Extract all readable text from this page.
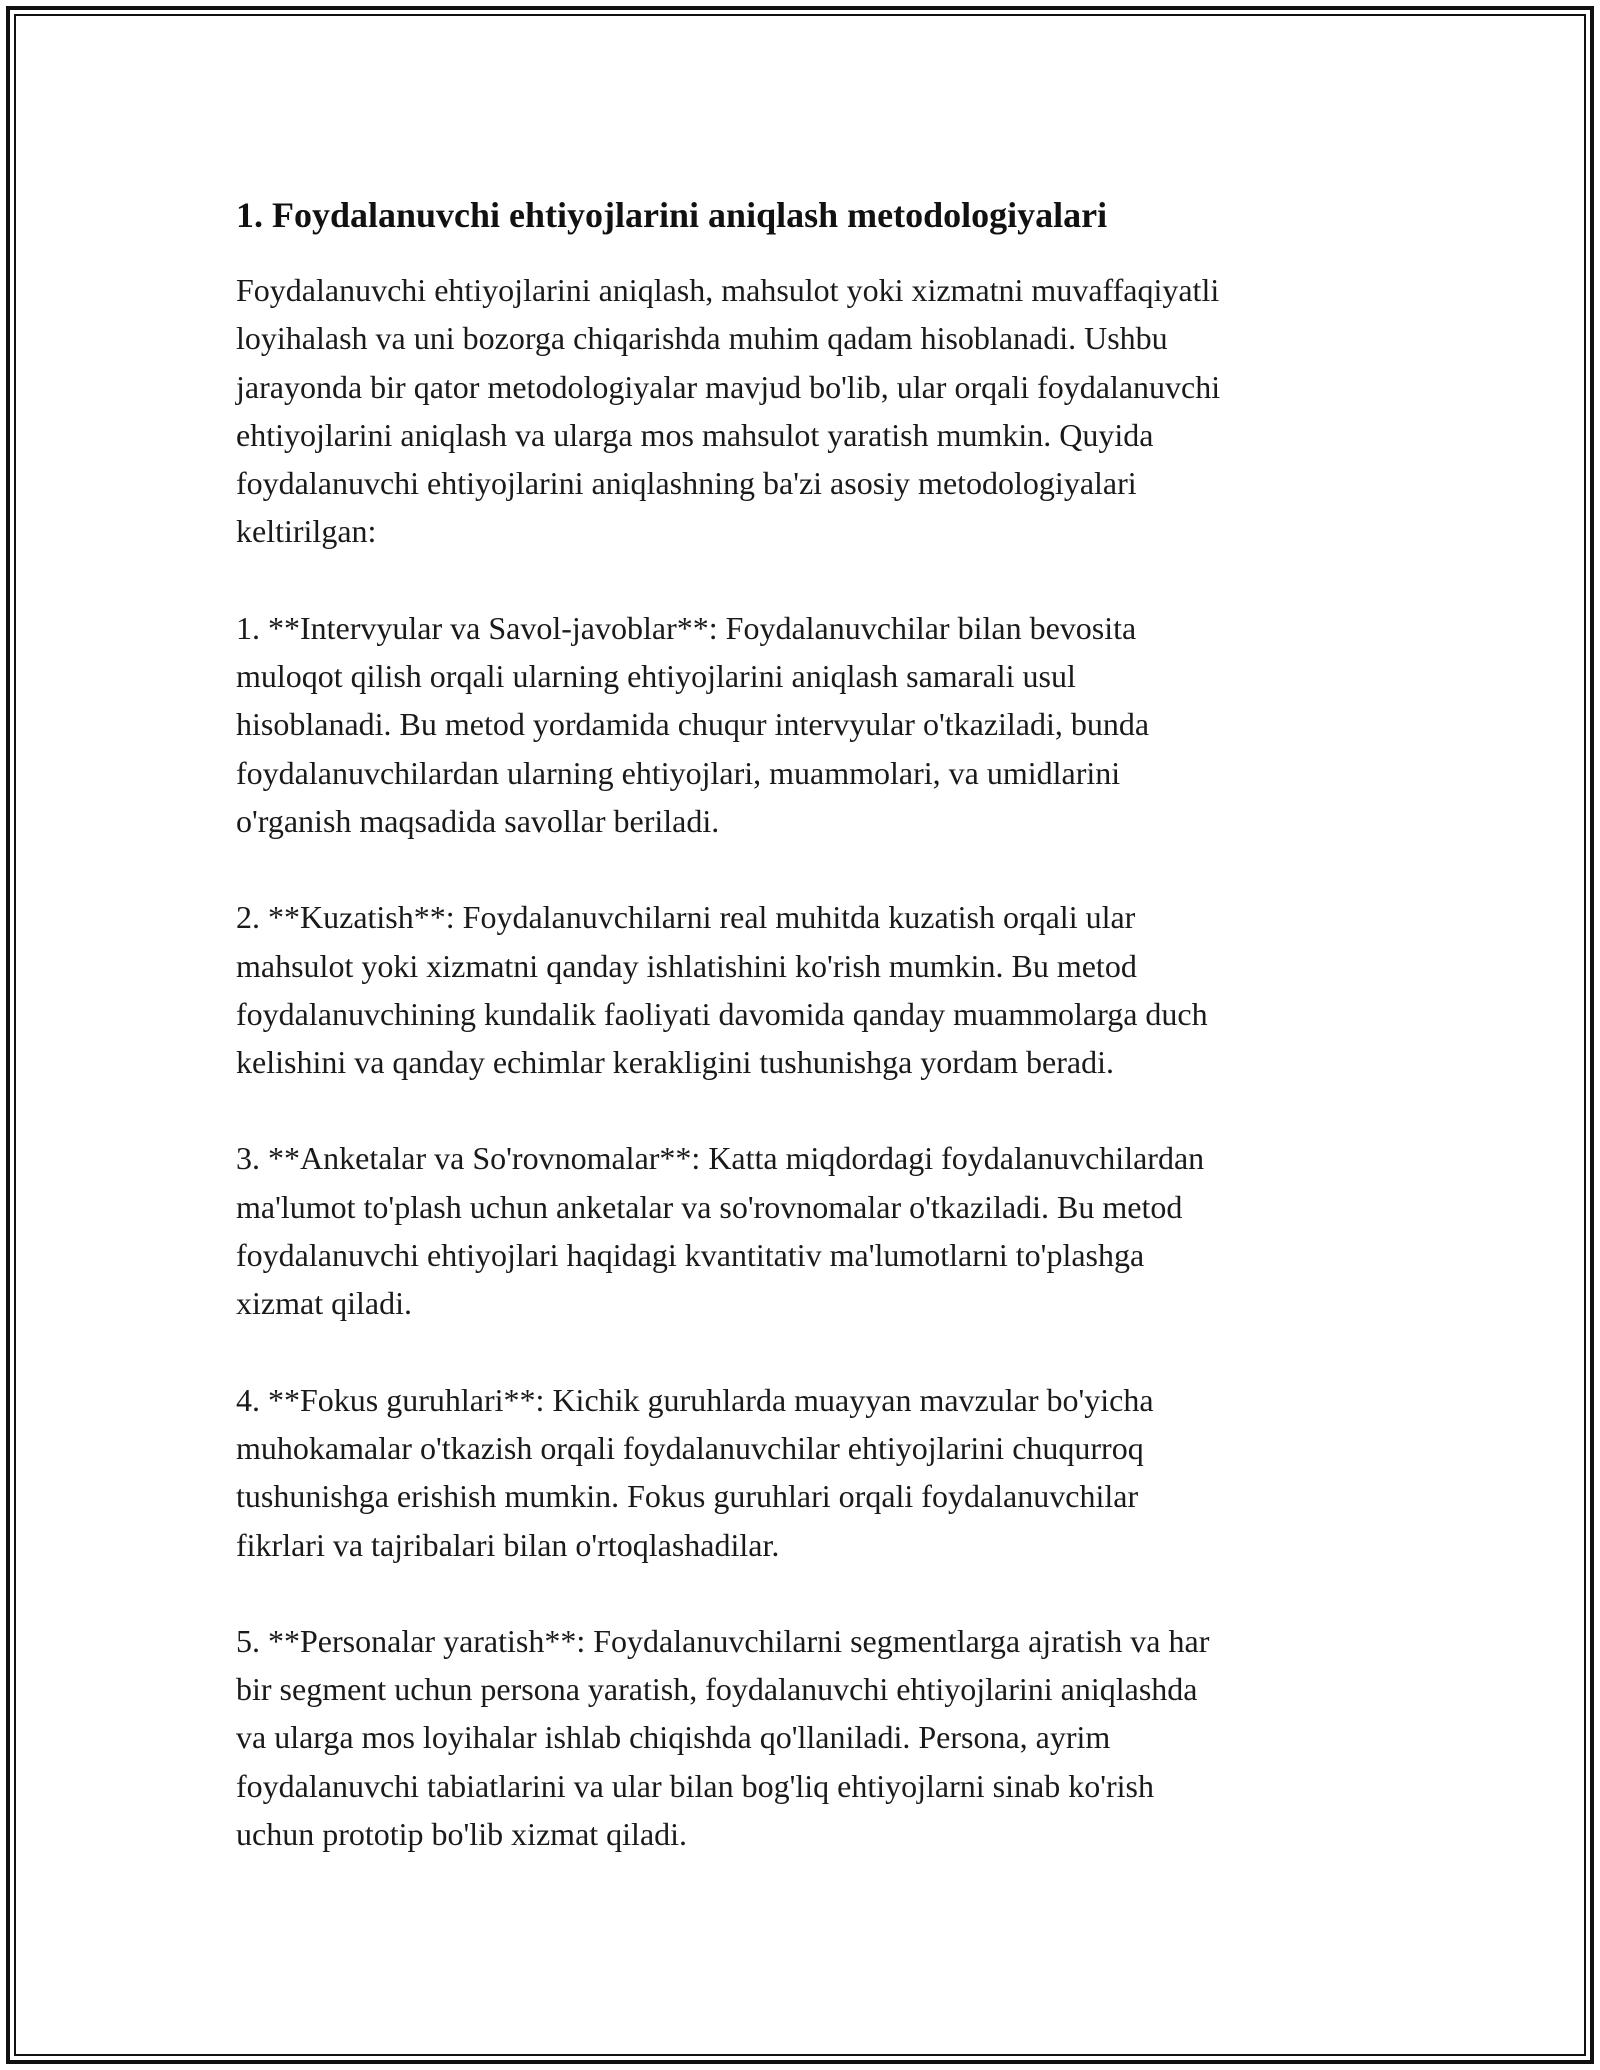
1. Foydalanuvchi ehtiyojlarini aniqlash metodologiyalari

Foydalanuvchi ehtiyojlarini aniqlash, mahsulot yoki xizmatni muvaffaqiyatli
loyihalash va uni bozorga chiqarishda muhim qadam hisoblanadi. Ushbu
jarayonda bir qator metodologiyalar mavjud bo'lib, ular orqali foydalanuvchi
ehtiyojlarini aniqlash va ularga mos mahsulot yaratish mumkin. Quyida
foydalanuvchi ehtiyojlarini aniqlashning ba'zi asosiy metodologiyalari
keltirilgan:

1. **Intervyular va Savol-javoblar**: Foydalanuvchilar bilan bevosita
muloqot qilish orqali ularning ehtiyojlarini aniqlash samarali usul
hisoblanadi. Bu metod yordamida chuqur intervyular o'tkaziladi, bunda
foydalanuvchilardan ularning ehtiyojlari, muammolari, va umidlarini
o'rganish maqsadida savollar beriladi.

2. **Kuzatish**: Foydalanuvchilarni real muhitda kuzatish orqali ular
mahsulot yoki xizmatni qanday ishlatishini ko'rish mumkin. Bu metod
foydalanuvchining kundalik faoliyati davomida qanday muammolarga duch
kelishini va qanday echimlar kerakligini tushunishga yordam beradi.

3. **Anketalar va So'rovnomalar**: Katta miqdordagi foydalanuvchilardan
ma'lumot to'plash uchun anketalar va so'rovnomalar o'tkaziladi. Bu metod
foydalanuvchi ehtiyojlari haqidagi kvantitativ ma'lumotlarni to'plashga
xizmat qiladi.

4. **Fokus guruhlari**: Kichik guruhlarda muayyan mavzular bo'yicha
muhokamalar o'tkazish orqali foydalanuvchilar ehtiyojlarini chuqurroq
tushunishga erishish mumkin. Fokus guruhlari orqali foydalanuvchilar
fikrlari va tajribalari bilan o'rtoqlashadilar.

5. **Personalar yaratish**: Foydalanuvchilarni segmentlarga ajratish va har
bir segment uchun persona yaratish, foydalanuvchi ehtiyojlarini aniqlashda
va ularga mos loyihalar ishlab chiqishda qo'llaniladi. Persona, ayrim
foydalanuvchi tabiatlarini va ular bilan bog'liq ehtiyojlarni sinab ko'rish
uchun prototip bo'lib xizmat qiladi.
